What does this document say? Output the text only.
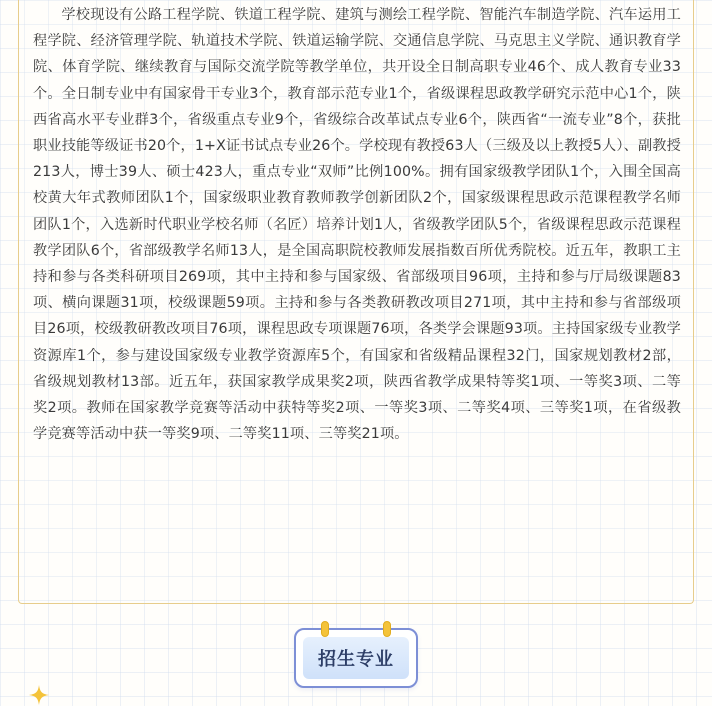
学校现设有公路工程学院、铁道工程学院、建筑与测绘工程学院、智能汽车制造学院、汽车运用工程学院、经济管理学院、轨道技术学院、铁道运输学院、交通信息学院、马克思主义学院、通识教育学院、体育学院、继续教育与国际交流学院等教学单位，共开设全日制高职专业46个、成人教育专业33个。全日制专业中有国家骨干专业3个，教育部示范专业1个，省级课程思政教学研究示范中心1个，陕西省高水平专业群3个，省级重点专业9个，省级综合改革试点专业6个，陕西省“一流专业”8个，获批职业技能等级证书20个，1+X证书试点专业26个。学校现有教授63人（三级及以上教授5人）、副教授213人，博士39人、硕士423人，重点专业“双师”比例100%。拥有国家级教学团队1个，入围全国高校黄大年式教师团队1个，国家级职业教育教师教学创新团队2个，国家级课程思政示范课程教学名师团队1个，入选新时代职业学校名师（名匠）培养计划1人，省级教学团队5个，省级课程思政示范课程教学团队6个，省部级教学名师13人，是全国高职院校教师发展指数百所优秀院校。近五年，教职工主持和参与各类科研项目269项，其中主持和参与国家级、省部级项目96项，主持和参与厅局级课题83项、横向课题31项，校级课题59项。主持和参与各类教研教改项目271项，其中主持和参与省部级项目26项，校级教研教改项目76项，课程思政专项课题76项，各类学会课题93项。主持国家级专业教学资源库1个，参与建设国家级专业教学资源库5个，有国家和省级精品课程32门，国家规划教材2部，省级规划教材13部。近五年，获国家教学成果奖2项，陕西省教学成果特等奖1项、一等奖3项、二等奖2项。教师在国家教学竞赛等活动中获特等奖2项、一等奖3项、二等奖4项、三等奖1项，在省级教学竞赛等活动中获一等奖9项、二等奖11项、三等奖21项。

招生专业
